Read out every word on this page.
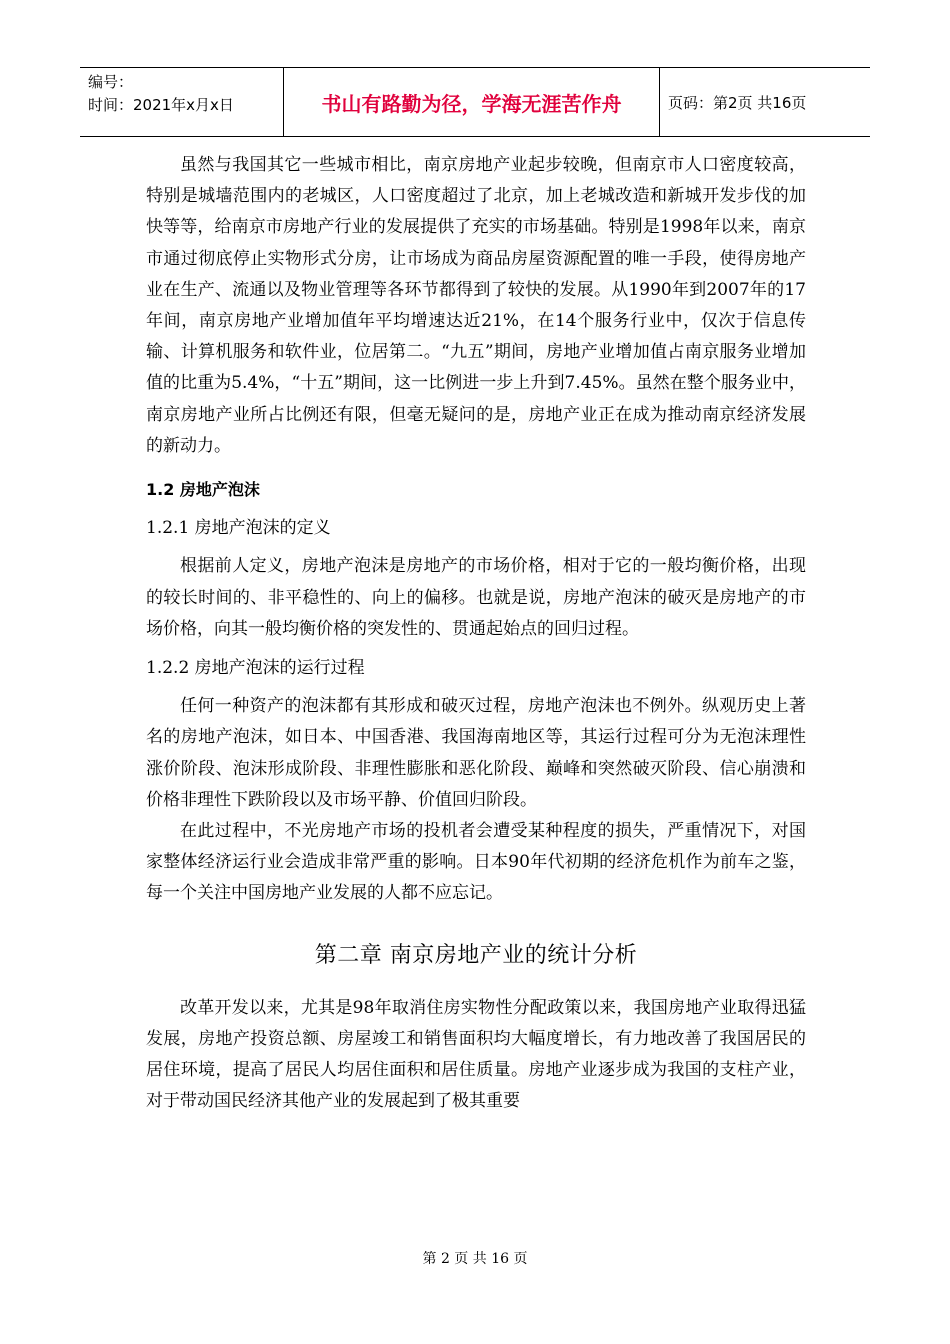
编号：
时间：2021年x月x日	书山有路勤为径，学海无涯苦作舟	页码：第2页 共16页

虽然与我国其它一些城市相比，南京房地产业起步较晚，但南京市人口密度较高，特别是城墙范围内的老城区，人口密度超过了北京，加上老城改造和新城开发步伐的加快等等，给南京市房地产行业的发展提供了充实的市场基础。特别是1998年以来，南京市通过彻底停止实物形式分房，让市场成为商品房屋资源配置的唯一手段，使得房地产业在生产、流通以及物业管理等各环节都得到了较快的发展。从1990年到2007年的17年间，南京房地产业增加值年平均增速达近21%，在14个服务行业中，仅次于信息传输、计算机服务和软件业，位居第二。“九五”期间，房地产业增加值占南京服务业增加值的比重为5.4%，“十五”期间，这一比例进一步上升到7.45%。虽然在整个服务业中，南京房地产业所占比例还有限，但毫无疑问的是，房地产业正在成为推动南京经济发展的新动力。

1.2 房地产泡沫

1.2.1 房地产泡沫的定义

根据前人定义，房地产泡沫是房地产的市场价格，相对于它的一般均衡价格，出现的较长时间的、非平稳性的、向上的偏移。也就是说，房地产泡沫的破灭是房地产的市场价格，向其一般均衡价格的突发性的、贯通起始点的回归过程。

1.2.2 房地产泡沫的运行过程

任何一种资产的泡沫都有其形成和破灭过程，房地产泡沫也不例外。纵观历史上著名的房地产泡沫，如日本、中国香港、我国海南地区等，其运行过程可分为无泡沫理性涨价阶段、泡沫形成阶段、非理性膨胀和恶化阶段、巅峰和突然破灭阶段、信心崩溃和价格非理性下跌阶段以及市场平静、价值回归阶段。

在此过程中，不光房地产市场的投机者会遭受某种程度的损失，严重情况下，对国家整体经济运行业会造成非常严重的影响。日本90年代初期的经济危机作为前车之鉴，每一个关注中国房地产业发展的人都不应忘记。

第二章 南京房地产业的统计分析

改革开发以来，尤其是98年取消住房实物性分配政策以来，我国房地产业取得迅猛发展，房地产投资总额、房屋竣工和销售面积均大幅度增长，有力地改善了我国居民的居住环境，提高了居民人均居住面积和居住质量。房地产业逐步成为我国的支柱产业，对于带动国民经济其他产业的发展起到了极其重要

第 2 页 共 16 页
